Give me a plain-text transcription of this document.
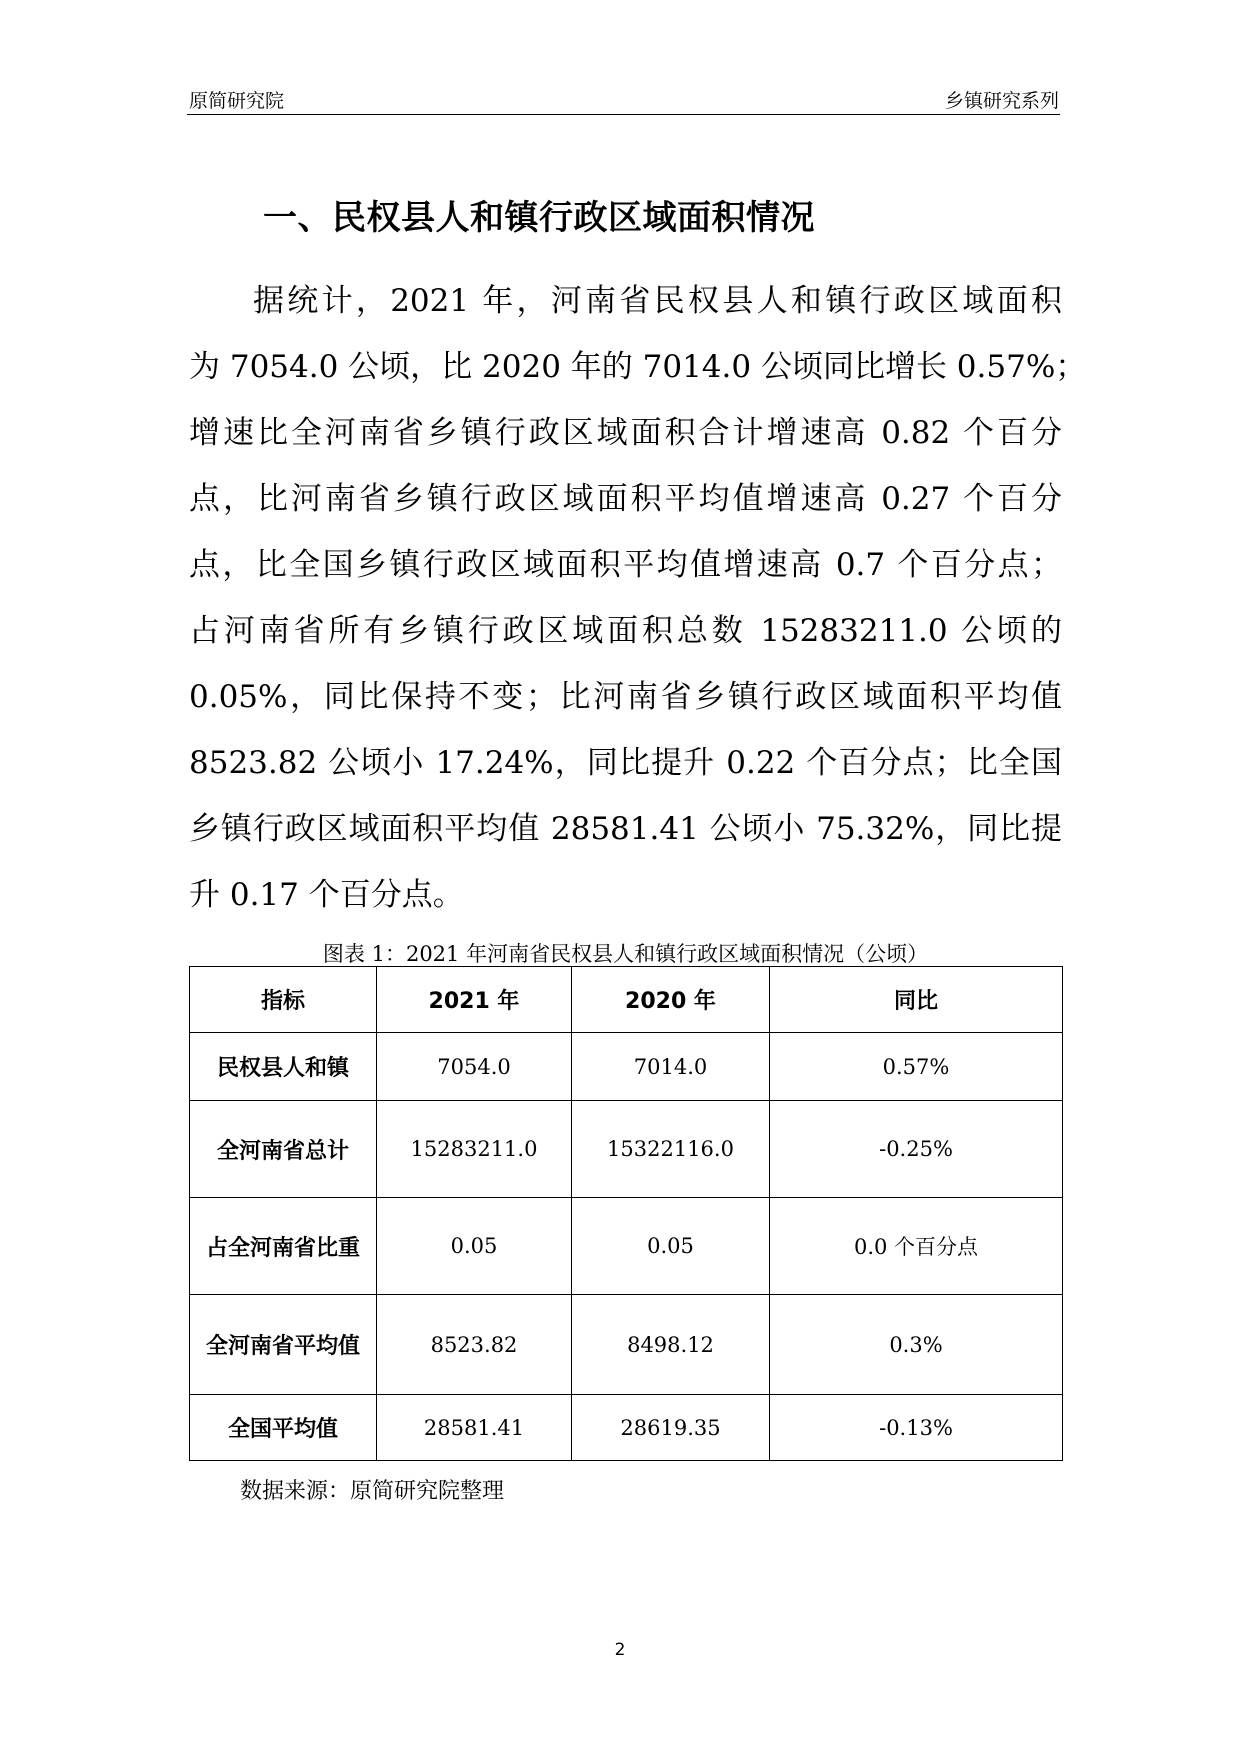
原简研究院	乡镇研究系列
一、民权县人和镇行政区域面积情况
据统计，2021 年，河南省民权县人和镇行政区域面积
为 7054.0 公顷，比 2020 年的 7014.0 公顷同比增长 0.57%；
增速比全河南省乡镇行政区域面积合计增速高 0.82 个百分
点，比河南省乡镇行政区域面积平均值增速高 0.27 个百分
点，比全国乡镇行政区域面积平均值增速高 0.7 个百分点；
占河南省所有乡镇行政区域面积总数 15283211.0 公顷的
0.05%，同比保持不变；比河南省乡镇行政区域面积平均值
8523.82 公顷小 17.24%，同比提升 0.22 个百分点；比全国
乡镇行政区域面积平均值 28581.41 公顷小 75.32%，同比提
升 0.17 个百分点。
图表 1：2021 年河南省民权县人和镇行政区域面积情况（公顷）
指标	2021 年	2020 年	同比
民权县人和镇	7054.0	7014.0	0.57%
全河南省总计	15283211.0	15322116.0	-0.25%
占全河南省比重	0.05	0.05	0.0 个百分点
全河南省平均值	8523.82	8498.12	0.3%
全国平均值	28581.41	28619.35	-0.13%
数据来源：原简研究院整理
2
